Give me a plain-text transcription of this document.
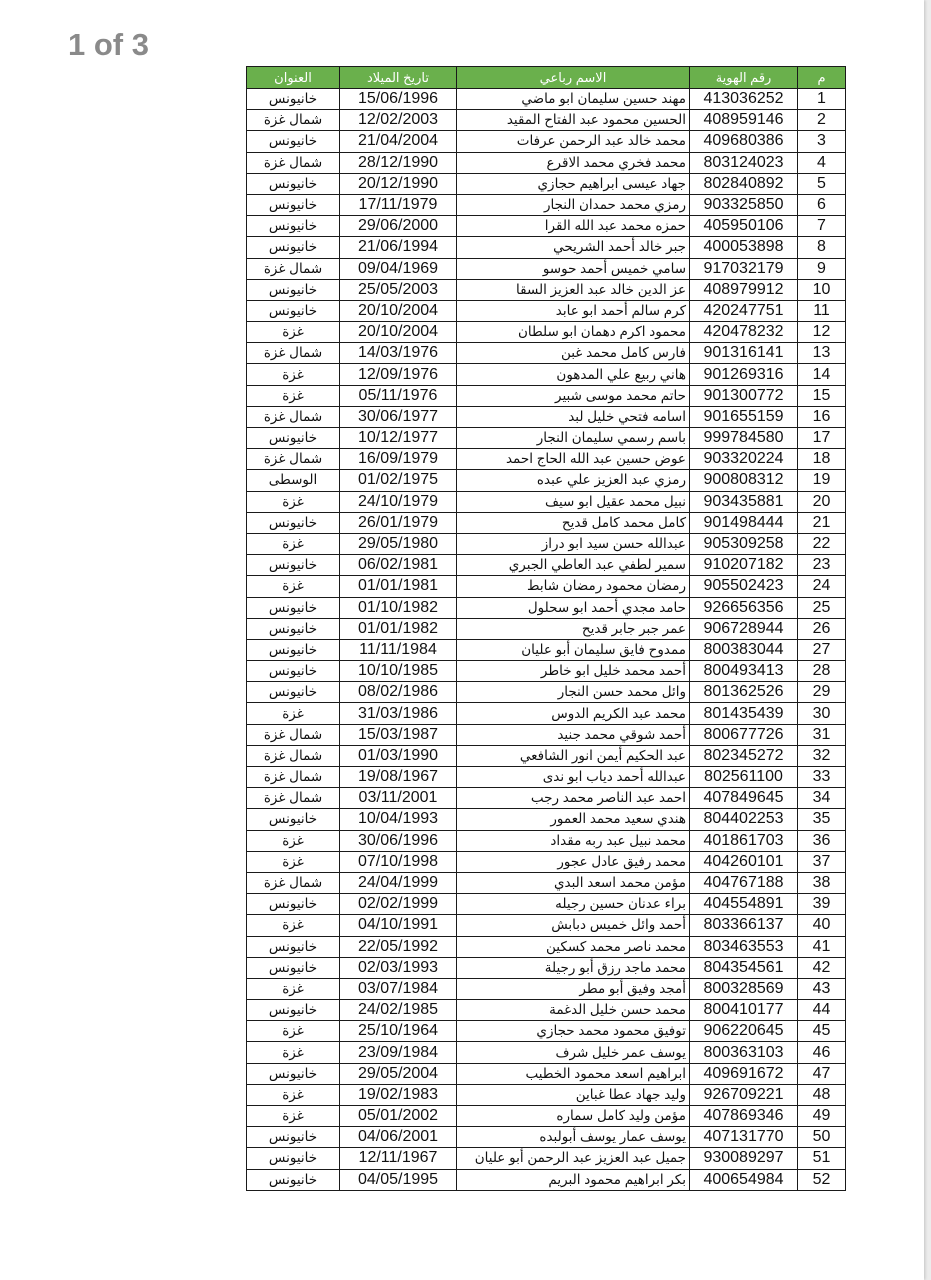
1 of 3
م	رقم الهوية	الاسم رباعي	تاريخ الميلاد	العنوان
1	413036252	مهند حسين سليمان ابو ماضي	15/06/1996	خانيونس
2	408959146	الحسين محمود عبد الفتاح المقيد	12/02/2003	شمال غزة
3	409680386	محمد خالد عبد الرحمن عرفات	21/04/2004	خانيونس
4	803124023	محمد فخري محمد الاقرع	28/12/1990	شمال غزة
5	802840892	جهاد عيسى ابراهيم حجازي	20/12/1990	خانيونس
6	903325850	رمزي محمد حمدان النجار	17/11/1979	خانيونس
7	405950106	حمزه محمد عبد الله القرا	29/06/2000	خانيونس
8	400053898	جبر خالد أحمد الشريحي	21/06/1994	خانيونس
9	917032179	سامي خميس أحمد حوسو	09/04/1969	شمال غزة
10	408979912	عز الدين خالد عبد العزيز السقا	25/05/2003	خانيونس
11	420247751	كرم سالم أحمد ابو عابد	20/10/2004	خانيونس
12	420478232	محمود اكرم دهمان ابو سلطان	20/10/2004	غزة
13	901316141	فارس كامل محمد غبن	14/03/1976	شمال غزة
14	901269316	هاني ربيع علي المدهون	12/09/1976	غزة
15	901300772	حاتم محمد موسى شبير	05/11/1976	غزة
16	901655159	اسامه فتحي خليل لبد	30/06/1977	شمال غزة
17	999784580	باسم رسمي سليمان النجار	10/12/1977	خانيونس
18	903320224	عوض حسين عبد الله الحاج احمد	16/09/1979	شمال غزة
19	900808312	رمزي عبد العزيز علي عبده	01/02/1975	الوسطى
20	903435881	نبيل محمد عقيل ابو سيف	24/10/1979	غزة
21	901498444	كامل محمد كامل قديح	26/01/1979	خانيونس
22	905309258	عبدالله حسن سيد ابو دراز	29/05/1980	غزة
23	910207182	سمير لطفي عبد العاطي الجبري	06/02/1981	خانيونس
24	905502423	رمضان محمود رمضان شابط	01/01/1981	غزة
25	926656356	حامد مجدي أحمد ابو سحلول	01/10/1982	خانيونس
26	906728944	عمر جبر جابر قديح	01/01/1982	خانيونس
27	800383044	ممدوح فايق سليمان أبو عليان	11/11/1984	خانيونس
28	800493413	أحمد محمد خليل ابو خاطر	10/10/1985	خانيونس
29	801362526	وائل محمد حسن النجار	08/02/1986	خانيونس
30	801435439	محمد عبد الكريم الدوس	31/03/1986	غزة
31	800677726	أحمد شوقي محمد جنيد	15/03/1987	شمال غزة
32	802345272	عبد الحكيم أيمن انور الشافعي	01/03/1990	شمال غزة
33	802561100	عبدالله أحمد دياب ابو ندى	19/08/1967	شمال غزة
34	407849645	احمد عبد الناصر محمد رجب	03/11/2001	شمال غزة
35	804402253	هندي سعيد محمد العمور	10/04/1993	خانيونس
36	401861703	محمد نبيل عبد ربه مقداد	30/06/1996	غزة
37	404260101	محمد رفيق عادل عجور	07/10/1998	غزة
38	404767188	مؤمن محمد اسعد البدي	24/04/1999	شمال غزة
39	404554891	براء عدنان حسين رجيله	02/02/1999	خانيونس
40	803366137	أحمد وائل خميس دبابش	04/10/1991	غزة
41	803463553	محمد ناصر محمد كسكين	22/05/1992	خانيونس
42	804354561	محمد ماجد رزق أبو رجيلة	02/03/1993	خانيونس
43	800328569	أمجد وفيق أبو مطر	03/07/1984	غزة
44	800410177	محمد حسن خليل الدغمة	24/02/1985	خانيونس
45	906220645	توفيق محمود محمد حجازي	25/10/1964	غزة
46	800363103	يوسف عمر خليل شرف	23/09/1984	غزة
47	409691672	ابراهيم اسعد محمود الخطيب	29/05/2004	خانيونس
48	926709221	وليد جهاد عطا غباين	19/02/1983	غزة
49	407869346	مؤمن وليد كامل سماره	05/01/2002	غزة
50	407131770	يوسف عمار يوسف أبولبده	04/06/2001	خانيونس
51	930089297	جميل عبد العزيز عبد الرحمن أبو عليان	12/11/1967	خانيونس
52	400654984	بكر ابراهيم محمود البريم	04/05/1995	خانيونس
